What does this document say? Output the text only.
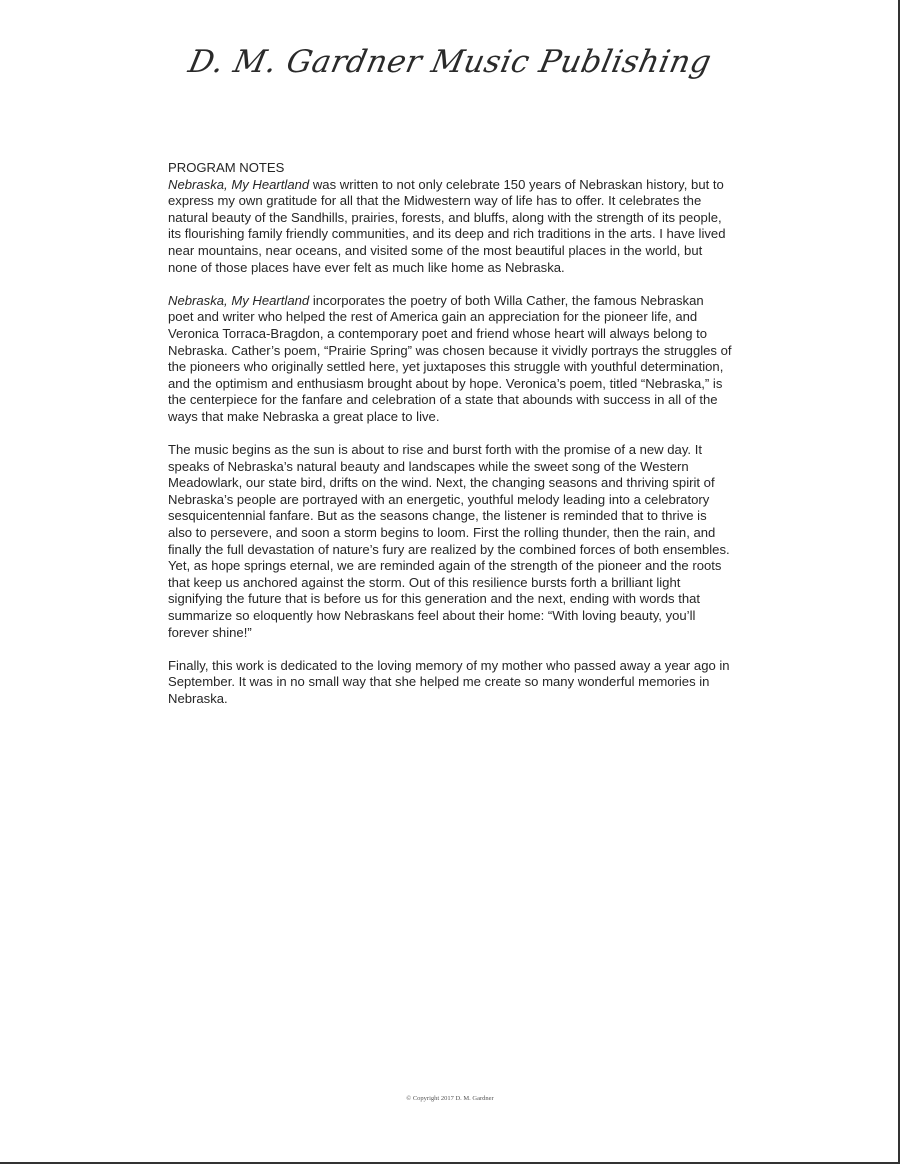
D. M. Gardner Music Publishing
PROGRAM NOTES

Nebraska, My Heartland was written to not only celebrate 150 years of Nebraskan history, but to express my own gratitude for all that the Midwestern way of life has to offer. It celebrates the natural beauty of the Sandhills, prairies, forests, and bluffs, along with the strength of its people, its flourishing family friendly communities, and its deep and rich traditions in the arts. I have lived near mountains, near oceans, and visited some of the most beautiful places in the world, but none of those places have ever felt as much like home as Nebraska.

Nebraska, My Heartland incorporates the poetry of both Willa Cather, the famous Nebraskan poet and writer who helped the rest of America gain an appreciation for the pioneer life, and Veronica Torraca-Bragdon, a contemporary poet and friend whose heart will always belong to Nebraska. Cather’s poem, “Prairie Spring” was chosen because it vividly portrays the struggles of the pioneers who originally settled here, yet juxtaposes this struggle with youthful determination, and the optimism and enthusiasm brought about by hope. Veronica’s poem, titled “Nebraska,” is the centerpiece for the fanfare and celebration of a state that abounds with success in all of the ways that make Nebraska a great place to live.

The music begins as the sun is about to rise and burst forth with the promise of a new day. It speaks of Nebraska’s natural beauty and landscapes while the sweet song of the Western Meadowlark, our state bird, drifts on the wind. Next, the changing seasons and thriving spirit of Nebraska’s people are portrayed with an energetic, youthful melody leading into a celebratory sesquicentennial fanfare. But as the seasons change, the listener is reminded that to thrive is also to persevere, and soon a storm begins to loom. First the rolling thunder, then the rain, and finally the full devastation of nature’s fury are realized by the combined forces of both ensembles. Yet, as hope springs eternal, we are reminded again of the strength of the pioneer and the roots that keep us anchored against the storm. Out of this resilience bursts forth a brilliant light signifying the future that is before us for this generation and the next, ending with words that summarize so eloquently how Nebraskans feel about their home: “With loving beauty, you’ll forever shine!”

Finally, this work is dedicated to the loving memory of my mother who passed away a year ago in September. It was in no small way that she helped me create so many wonderful memories in Nebraska.

© Copyright 2017 D. M. Gardner
